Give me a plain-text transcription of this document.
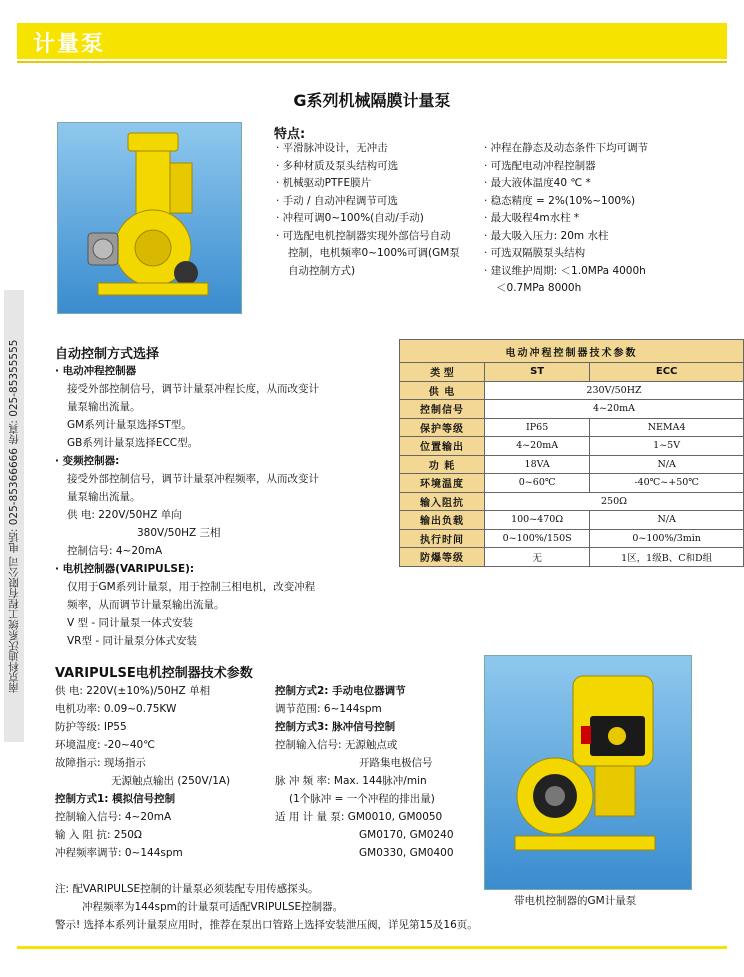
计量泵
G系列机械隔膜计量泵
特点:
· 平滑脉冲设计，无冲击
· 多种材质及泵头结构可选
· 机械驱动PTFE膜片
· 手动 / 自动冲程调节可选
· 冲程可调0~100%(自动/手动)
· 可选配电机控制器实现外部信号自动
控制，电机频率0~100%可调(GM泵
自动控制方式)
· 冲程在静态及动态条件下均可调节
· 可选配电动冲程控制器
· 最大液体温度40 ℃ *
· 稳态精度 = 2%(10%~100%)
· 最大吸程4m水柱 *
· 最大吸入压力: 20m 水柱
· 可选双隔膜泵头结构
· 建议维护周期: ＜1.0MPa 4000h
＜0.7MPa 8000h
南京科迪沃系统工程有限公司 电话: 025-85366666 传真: 025-85355555	自动控制方式选择
· 电动冲程控制器
接受外部控制信号，调节计量泵冲程长度，从而改变计
量泵输出流量。
GM系列计量泵选择ST型。
GB系列计量泵选择ECC型。
· 变频控制器:
接受外部控制信号，调节计量泵冲程频率，从而改变计
量泵输出流量。
供 电: 220V/50HZ 单向
380V/50HZ 三相
控制信号: 4~20mA
· 电机控制器(VARIPULSE):
仅用于GM系列计量泵，用于控制三相电机，改变冲程
频率，从而调节计量泵输出流量。
V 型 - 同计量泵一体式安装
VR型 - 同计量泵分体式安装
电动冲程控制器技术参数		
类 型	ST	ECC
供 电	230V/50HZ	
控制信号	4~20mA	
保护等级	IP65	NEMA4
位置输出	4~20mA	1~5V
功 耗	18VA	N/A
环境温度	0~60℃	-40℃~+50℃
输入阻抗	250Ω	
输出负载	100~470Ω	N/A
执行时间	0~100%/150S	0~100%/3min
防爆等级	无	1区，1级B、C和D组
VARIPULSE电机控制器技术参数
供 电: 220V(±10%)/50HZ 单相
电机功率: 0.09~0.75KW
防护等级: IP55
环境温度: -20~40℃
故障指示: 现场指示
无源触点输出 (250V/1A)
控制方式1: 模拟信号控制
控制输入信号: 4~20mA
输 入 阻 抗: 250Ω
冲程频率调节: 0~144spm
控制方式2: 手动电位器调节
调节范围: 6~144spm
控制方式3: 脉冲信号控制
控制输入信号: 无源触点或
开路集电极信号
脉 冲 频 率: Max. 144脉冲/min
(1个脉冲 = 一个冲程的排出量)
适 用 计 量 泵: GM0010, GM0050
GM0170, GM0240
GM0330, GM0400
带电机控制器的GM计量泵
注: 配VARIPULSE控制的计量泵必须装配专用传感探头。
冲程频率为144spm的计量泵可适配VRIPULSE控制器。
警示! 选择本系列计量泵应用时，推荐在泵出口管路上选择安装泄压阀，详见第15及16页。
